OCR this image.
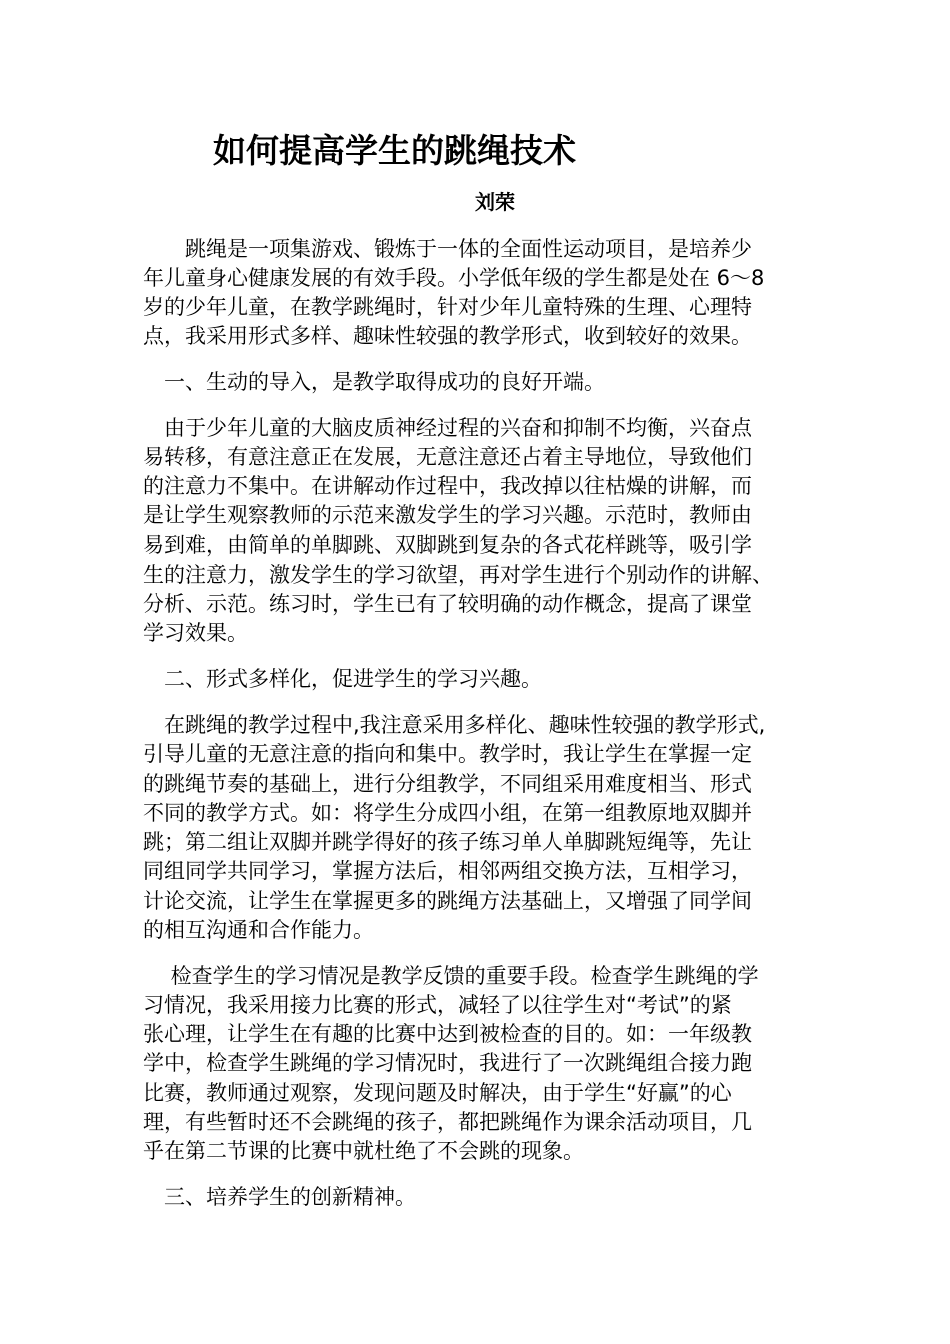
如何提高学生的跳绳技术
刘荣
　　跳绳是一项集游戏、锻炼于一体的全面性运动项目，是培养少
年儿童身心健康发展的有效手段。小学低年级的学生都是处在 6～8
岁的少年儿童，在教学跳绳时，针对少年儿童特殊的生理、心理特
点，我采用形式多样、趣味性较强的教学形式，收到较好的效果。
　一、生动的导入，是教学取得成功的良好开端。
　由于少年儿童的大脑皮质神经过程的兴奋和抑制不均衡，兴奋点
易转移，有意注意正在发展，无意注意还占着主导地位，导致他们
的注意力不集中。在讲解动作过程中，我改掉以往枯燥的讲解，而
是让学生观察教师的示范来激发学生的学习兴趣。示范时，教师由
易到难，由简单的单脚跳、双脚跳到复杂的各式花样跳等，吸引学
生的注意力，激发学生的学习欲望，再对学生进行个别动作的讲解、
分析、示范。练习时，学生已有了较明确的动作概念，提高了课堂
学习效果。
　二、形式多样化，促进学生的学习兴趣。
　在跳绳的教学过程中,我注意采用多样化、趣味性较强的教学形式,
引导儿童的无意注意的指向和集中。教学时，我让学生在掌握一定
的跳绳节奏的基础上，进行分组教学，不同组采用难度相当、形式
不同的教学方式。如：将学生分成四小组，在第一组教原地双脚并
跳；第二组让双脚并跳学得好的孩子练习单人单脚跳短绳等，先让
同组同学共同学习，掌握方法后，相邻两组交换方法，互相学习，
计论交流，让学生在掌握更多的跳绳方法基础上，又增强了同学间
的相互沟通和合作能力。
　 检查学生的学习情况是教学反馈的重要手段。检查学生跳绳的学
习情况，我采用接力比赛的形式，减轻了以往学生对“考试”的紧
张心理，让学生在有趣的比赛中达到被检查的目的。如：一年级教
学中，检查学生跳绳的学习情况时，我进行了一次跳绳组合接力跑
比赛，教师通过观察，发现问题及时解决，由于学生“好赢”的心
理，有些暂时还不会跳绳的孩子，都把跳绳作为课余活动项目，几
乎在第二节课的比赛中就杜绝了不会跳的现象。
　三、培养学生的创新精神。
